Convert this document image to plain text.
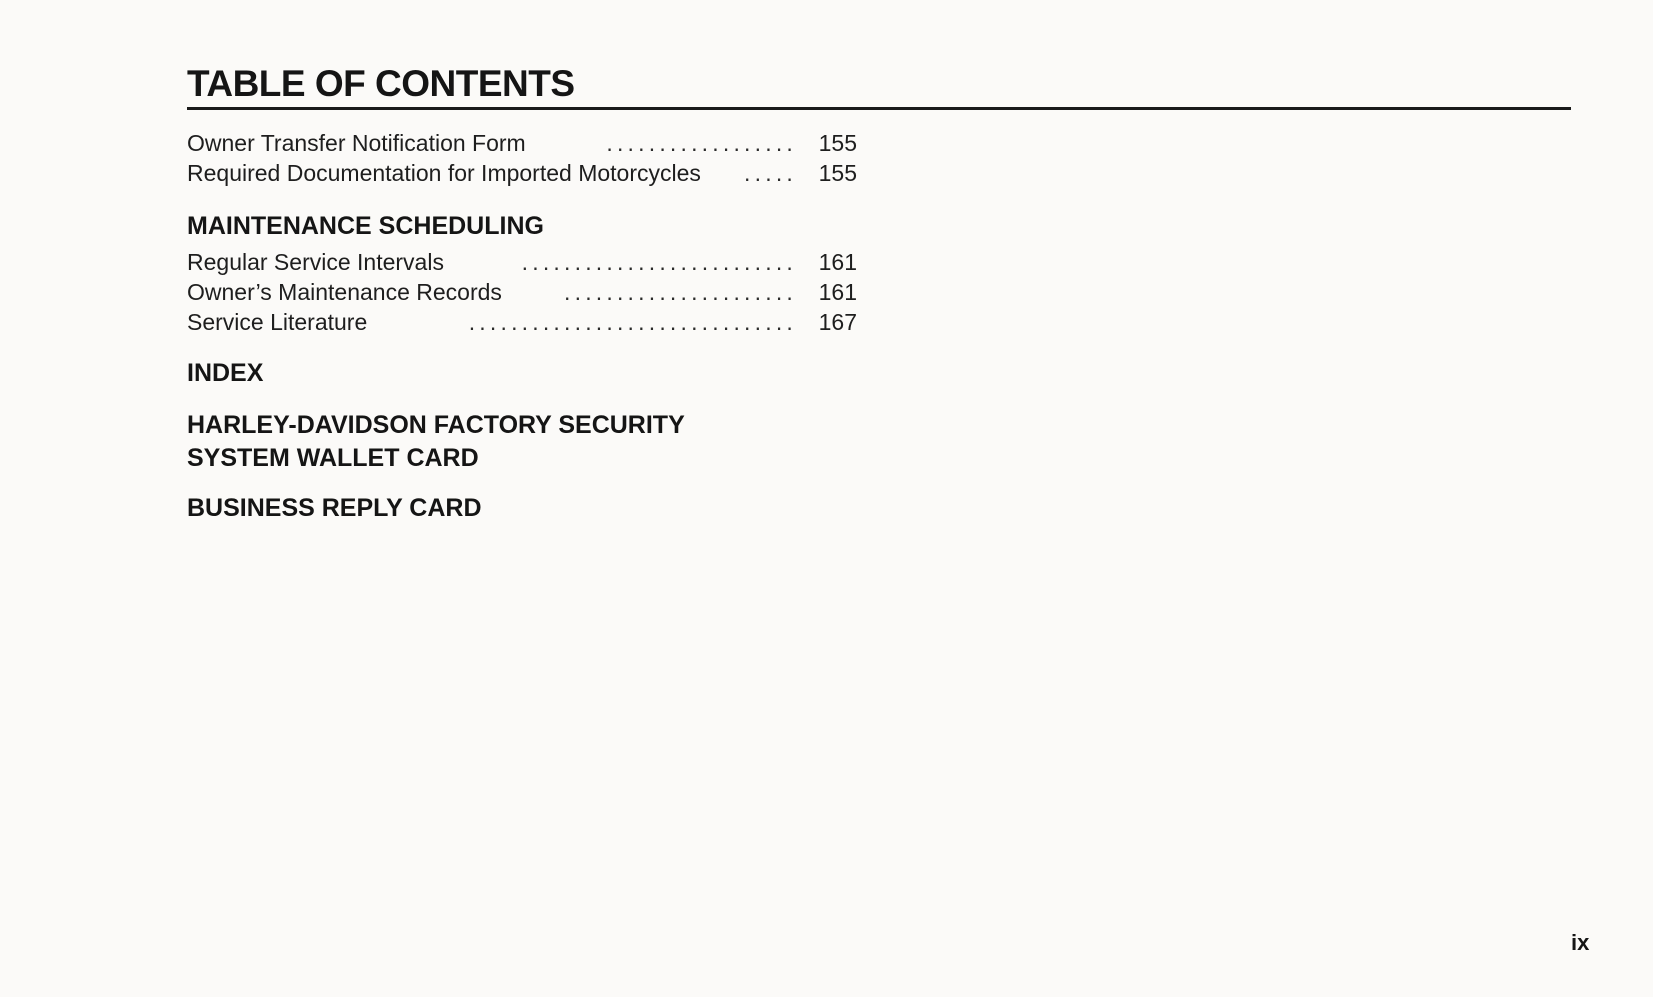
TABLE OF CONTENTS
Owner Transfer Notification Form	.................. 155
Required Documentation for Imported Motorcycles	..... 155
MAINTENANCE SCHEDULING
Regular Service Intervals	.......................... 161
Owner’s Maintenance Records	...................... 161
Service Literature	............................... 167
INDEX
HARLEY-DAVIDSON FACTORY SECURITY
SYSTEM WALLET CARD
BUSINESS REPLY CARD
ix
